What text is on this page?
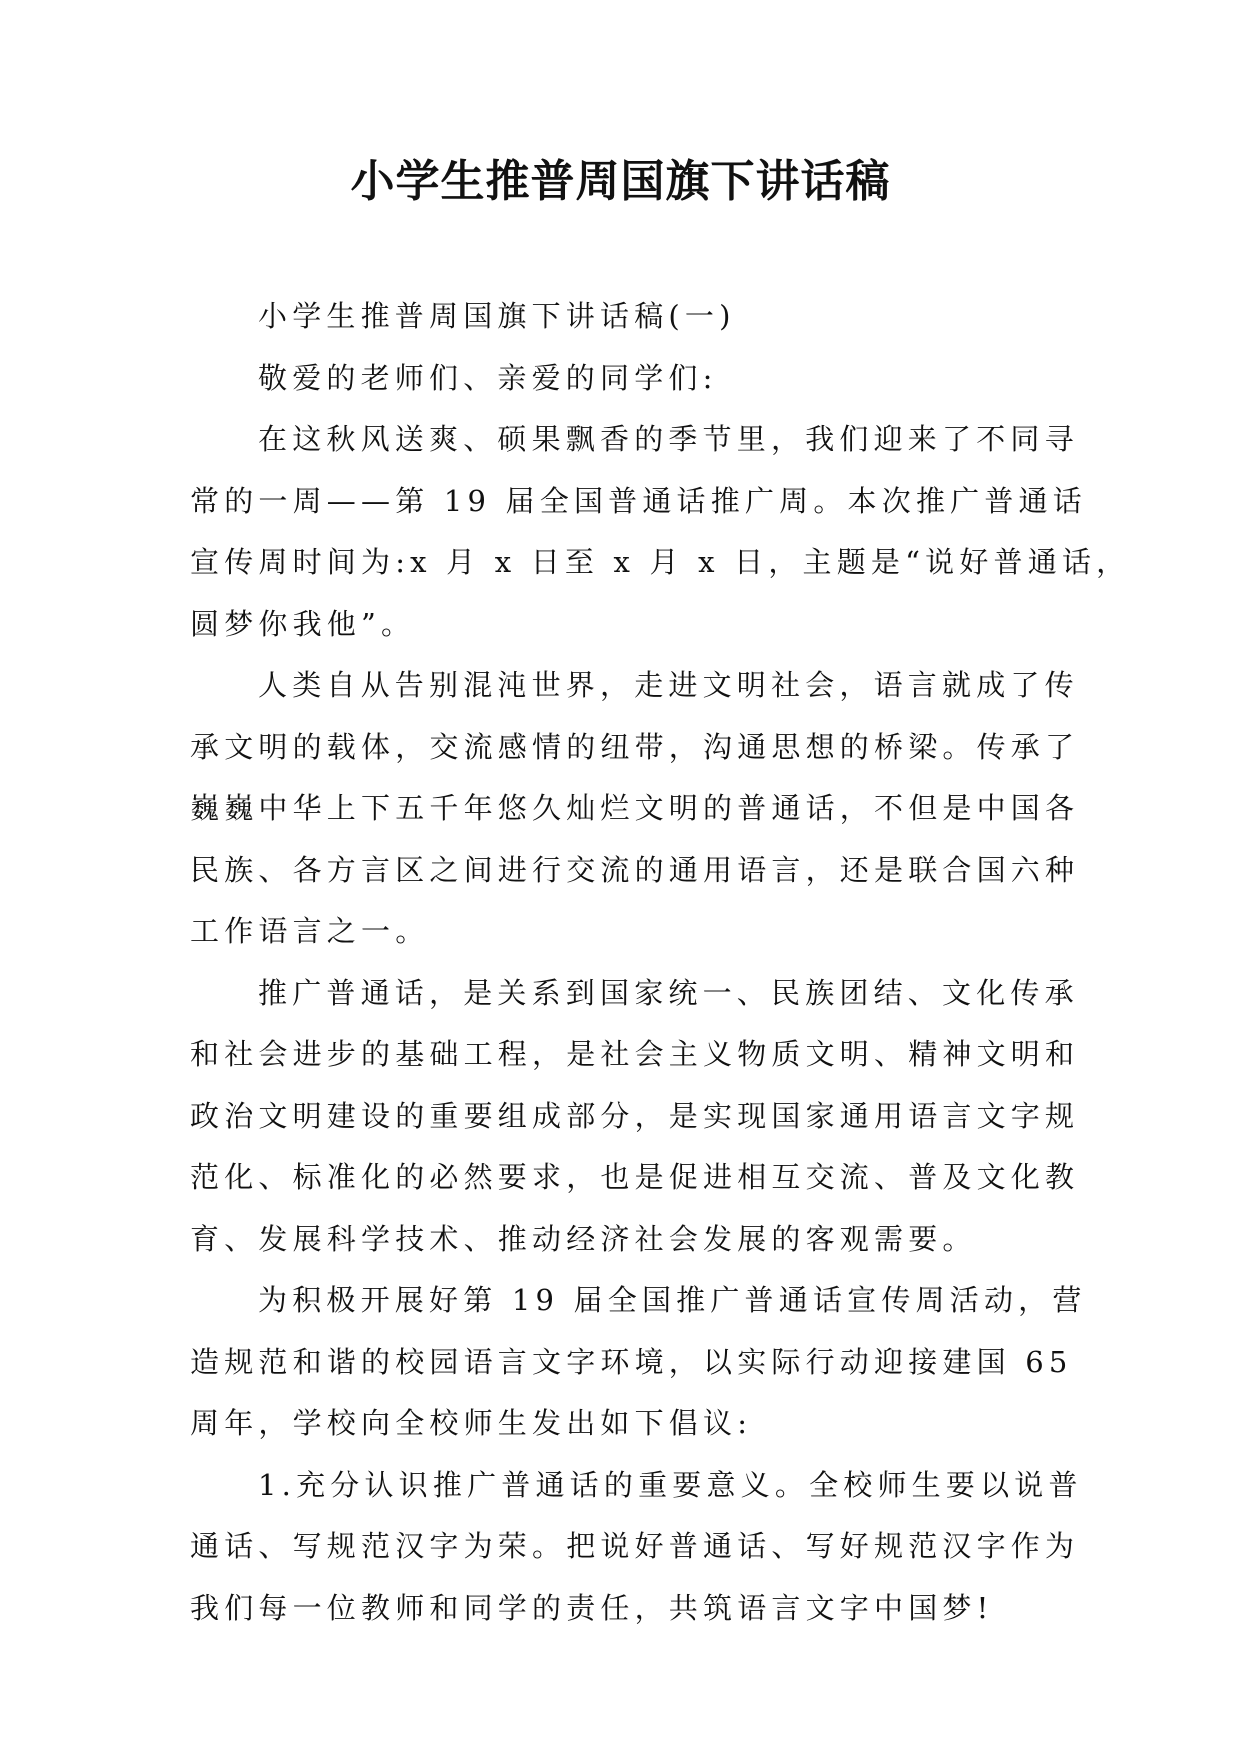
小学生推普周国旗下讲话稿

小学生推普周国旗下讲话稿(一)

敬爱的老师们、亲爱的同学们:

在这秋风送爽、硕果飘香的季节里，我们迎来了不同寻

常的一周——第 19 届全国普通话推广周。本次推广普通话

宣传周时间为:x 月 x 日至 x 月 x 日，主题是“说好普通话，

圆梦你我他”。

人类自从告别混沌世界，走进文明社会，语言就成了传

承文明的载体，交流感情的纽带，沟通思想的桥梁。传承了

巍巍中华上下五千年悠久灿烂文明的普通话，不但是中国各

民族、各方言区之间进行交流的通用语言，还是联合国六种

工作语言之一。

推广普通话，是关系到国家统一、民族团结、文化传承

和社会进步的基础工程，是社会主义物质文明、精神文明和

政治文明建设的重要组成部分，是实现国家通用语言文字规

范化、标准化的必然要求，也是促进相互交流、普及文化教

育、发展科学技术、推动经济社会发展的客观需要。

为积极开展好第 19 届全国推广普通话宣传周活动，营

造规范和谐的校园语言文字环境，以实际行动迎接建国 65

周年，学校向全校师生发出如下倡议:

1.充分认识推广普通话的重要意义。全校师生要以说普

通话、写规范汉字为荣。把说好普通话、写好规范汉字作为

我们每一位教师和同学的责任，共筑语言文字中国梦!
